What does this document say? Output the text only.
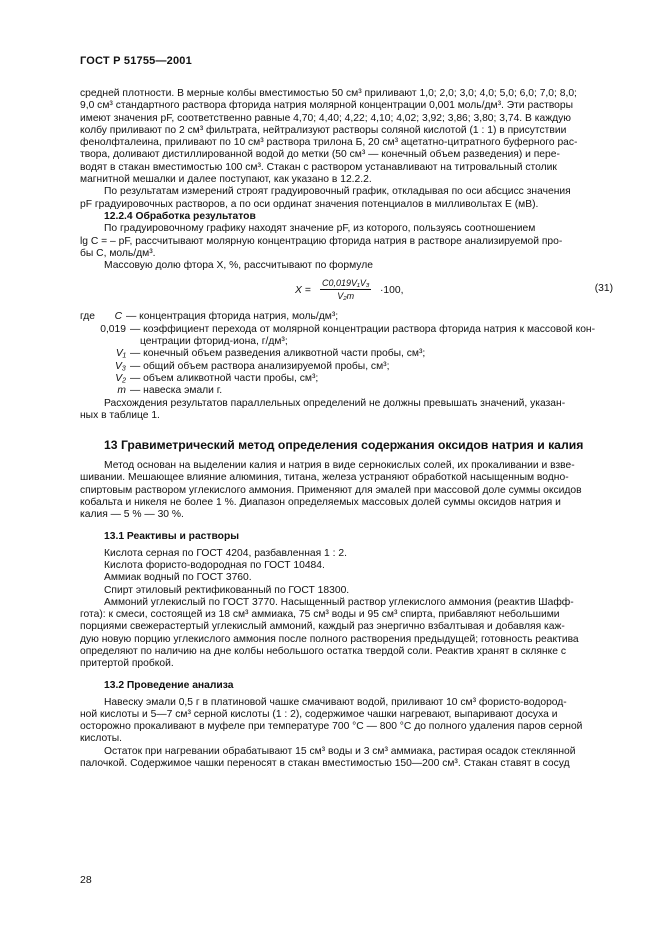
ГОСТ Р 51755—2001

средней плотности. В мерные колбы вместимостью 50 см³ приливают 1,0; 2,0; 3,0; 4,0; 5,0; 6,0; 7,0; 8,0;

9,0 см³ стандартного раствора фторида натрия молярной концентрации 0,001 моль/дм³. Эти растворы

имеют значения pF, соответственно равные 4,70; 4,40; 4,22; 4,10; 4,02; 3,92; 3,86; 3,80; 3,74. В каждую

колбу приливают по 2 см³ фильтрата, нейтрализуют растворы соляной кислотой (1 : 1) в присутствии

фенолфталеина, приливают по 10 см³ раствора трилона Б, 20 см³ ацетатно-цитратного буферного рас-

твора, доливают дистиллированной водой до метки (50 см³ — конечный объем разведения) и пере-

водят в стакан вместимостью 100 см³. Стакан с раствором устанавливают на титровальный столик

магнитной мешалки и далее поступают, как указано в 12.2.2.

По результатам измерений строят градуировочный график, откладывая по оси абсцисс значения

pF градуировочных растворов, а по оси ординат значения потенциалов в милливольтах Е (мВ).

12.2.4 Обработка результатов

По градуировочному графику находят значение pF, из которого, пользуясь соотношением

lg C = – pF, рассчитывают молярную концентрацию фторида натрия в растворе анализируемой про-

бы С, моль/дм³.

Массовую долю фтора X, %, рассчитывают по формуле

$X = \frac{\text{C0,019V₁V₃}}{\text{V₂m}} \cdot 100$,	(31)
где	C — концентрация фторида натрия, моль/дм³;
0,019 — коэффициент перехода от молярной концентрации раствора фторида натрия к массовой кон-
центрации фторид-иона, г/дм³;
V₁ — конечный объем разведения аликвотной части пробы, см³;
V₃ — общий объем раствора анализируемой пробы, см³;
V₂ — объем аликвотной части пробы, см³;
m — навеска эмали г.

Расхождения результатов параллельных определений не должны превышать значений, указан-

ных в таблице 1.

13 Гравиметрический метод определения содержания оксидов натрия и калия

Метод основан на выделении калия и натрия в виде сернокислых солей, их прокаливании и взве-

шивании. Мешающее влияние алюминия, титана, железа устраняют обработкой насыщенным водно-

спиртовым раствором углекислого аммония. Применяют для эмалей при массовой доле суммы оксидов

кобальта и никеля не более 1 %. Диапазон определяемых массовых долей суммы оксидов натрия и

калия — 5 % — 30 %.

13.1 Реактивы и растворы
Кислота серная по ГОСТ 4204, разбавленная 1 : 2.
Кислота фористо-водородная по ГОСТ 10484.
Аммиак водный по ГОСТ 3760.
Спирт этиловый ректификованный по ГОСТ 18300.

Аммоний углекислый по ГОСТ 3770. Насыщенный раствор углекислого аммония (реактив Шафф-

гота): к смеси, состоящей из 18 см³ аммиака, 75 см³ воды и 95 см³ спирта, прибавляют небольшими

порциями свежерастертый углекислый аммоний, каждый раз энергично взбалтывая и добавляя каж-

дую новую порцию углекислого аммония после полного растворения предыдущей; готовность реактива

определяют по наличию на дне колбы небольшого остатка твердой соли. Реактив хранят в склянке с

притертой пробкой.

13.2 Проведение анализа

Навеску эмали 0,5 г в платиновой чашке смачивают водой, приливают 10 см³ фористо-водород-

ной кислоты и 5—7 см³ серной кислоты (1 : 2), содержимое чашки нагревают, выпаривают досуха и

осторожно прокаливают в муфеле при температуре 700 °С — 800 °С до полного удаления паров серной

кислоты.

Остаток при нагревании обрабатывают 15 см³ воды и 3 см³ аммиака, растирая осадок стеклянной

палочкой. Содержимое чашки переносят в стакан вместимостью 150—200 см³. Стакан ставят в сосуд

28
